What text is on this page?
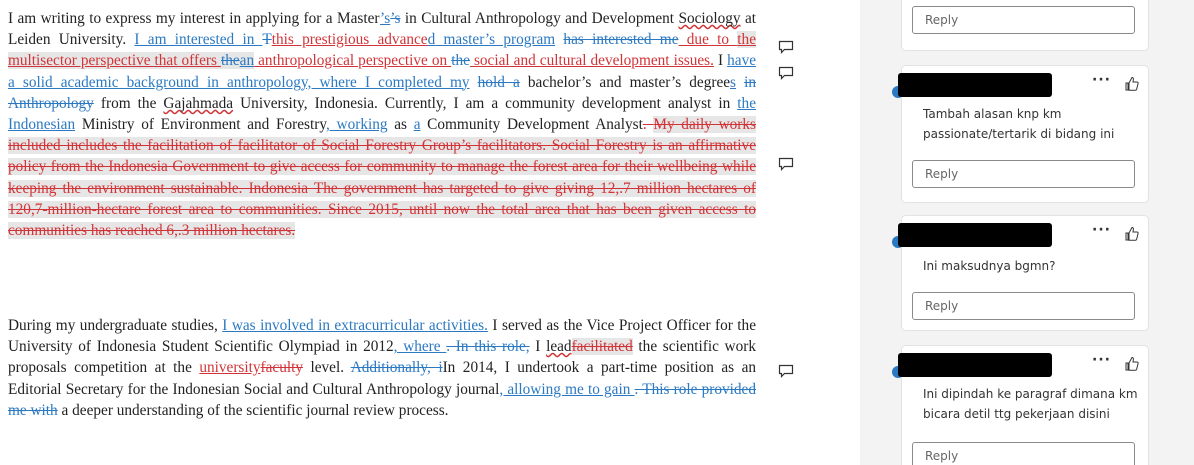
I am writing to express my interest in applying for a Master’s’s in Cultural Anthropology and Development Sociology at Leiden University. I am interested in Tthis prestigious advanced master’s program has interested me due to the multisector perspective that offers thean anthropological perspective on the social and cultural development issues. I have a solid academic background in anthropology, where I completed my hold a bachelor’s and master’s degrees in Anthropology from the Gajahmada University, Indonesia. Currently, I am a community development analyst in the Indonesian Ministry of Environment and Forestry, working as a Community Development Analyst. My daily works included includes the facilitation of facilitator of Social Forestry Group’s facilitators. Social Forestry is an affirmative policy from the Indonesia Government to give access for community to manage the forest area for their wellbeing while keeping the environment sustainable. Indonesia The government has targeted to give giving 12,.7 million hectares of 120,7-million-hectare forest area to communities. Since 2015, until now the total area that has been given access to communities has reached 6,.3 million hectares.
During my undergraduate studies, I was involved in extracurricular activities. I served as the Vice Project Officer for the University of Indonesia Student Scientific Olympiad in 2012, where . In this role, I leadfacilitated the scientific work proposals competition at the universityfaculty level. Additionally, iIn 2014, I undertook a part-time position as an Editorial Secretary for the Indonesian Social and Cultural Anthropology journal, allowing me to gain . This role provided me with a deeper understanding of the scientific journal review process.
Reply
···
Tambah alasan knp km passionate/tertarik di bidang ini
Reply
···
Ini maksudnya bgmn?
Reply
···
Ini dipindah ke paragraf dimana km bicara detil ttg pekerjaan disini
Reply
